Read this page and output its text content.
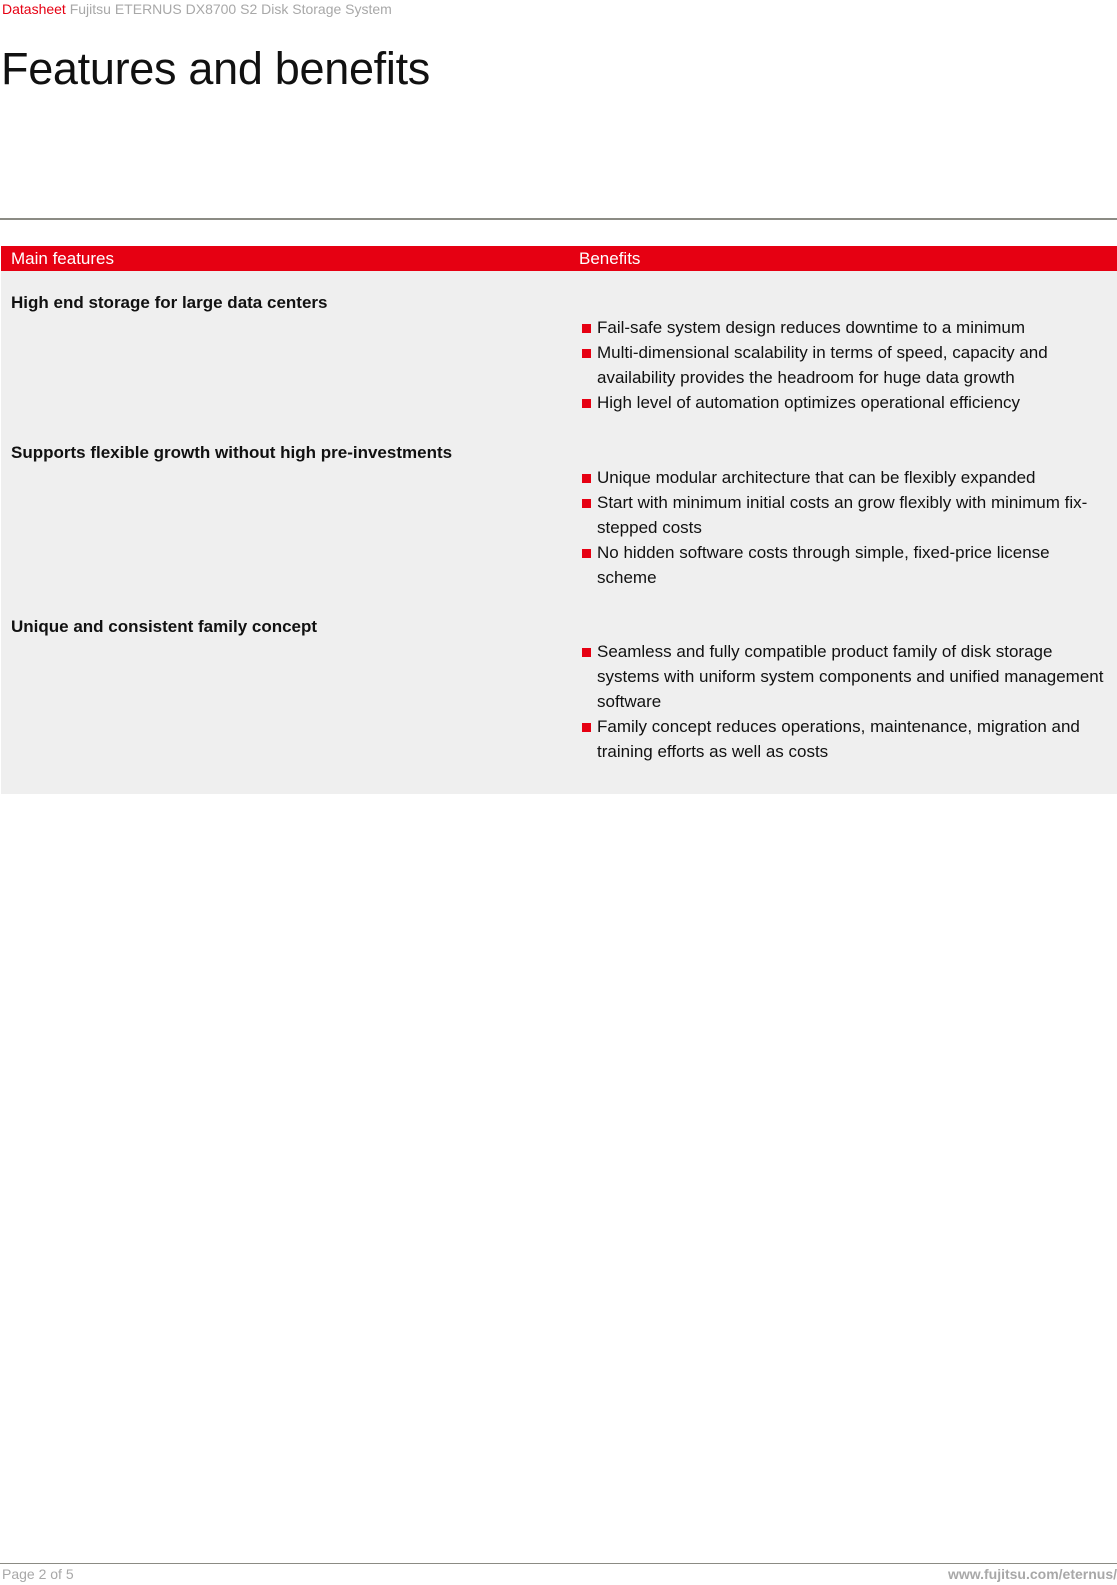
Datasheet Fujitsu ETERNUS DX8700 S2 Disk Storage System
Features and benefits
Main features	Benefits
High end storage for large data centers
Fail-safe system design reduces downtime to a minimum
Multi-dimensional scalability in terms of speed, capacity and availability provides the headroom for huge data growth
High level of automation optimizes operational efficiency
Supports flexible growth without high pre-investments
Unique modular architecture that can be flexibly expanded
Start with minimum initial costs an grow flexibly with minimum fix-stepped costs
No hidden software costs through simple, fixed-price license scheme
Unique and consistent family concept
Seamless and fully compatible product family of disk storage systems with uniform system components and unified management software
Family concept reduces operations, maintenance, migration and training efforts as well as costs
Page 2 of 5	www.fujitsu.com/eternus/
